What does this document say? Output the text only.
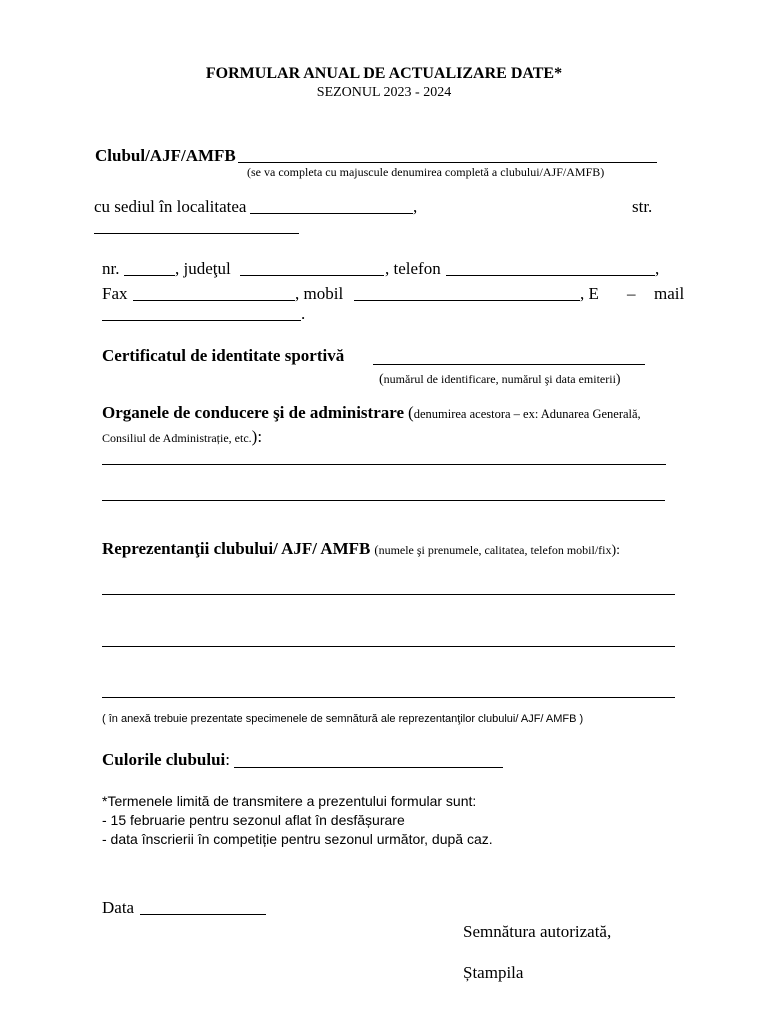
FORMULAR ANUAL DE ACTUALIZARE DATE*
SEZONUL 2023 - 2024
Clubul/AJF/AMFB
(se va completa cu majuscule denumirea completă a clubului/AJF/AMFB)
cu sediul în localitatea	,	str.
nr.	, judeţul	, telefon	,
Fax	, mobil	, E – mail
.
Certificatul de identitate sportivă
(numărul de identificare, numărul şi data emiterii)
Organele de conducere şi de administrare (denumirea acestora – ex: Adunarea Generală,
Consiliul de Administrație, etc.):
Reprezentanţii clubului/ AJF/ AMFB (numele şi prenumele, calitatea, telefon mobil/fix):
( în anexă trebuie prezentate specimenele de semnătură ale reprezentanţilor clubului/ AJF/ AMFB )
Culorile clubului:
*Termenele limită de transmitere a prezentului formular sunt:
- 15 februarie pentru sezonul aflat în desfășurare
- data înscrierii în competiție pentru sezonul următor, după caz.
Data
Semnătura autorizată,
Ștampila
